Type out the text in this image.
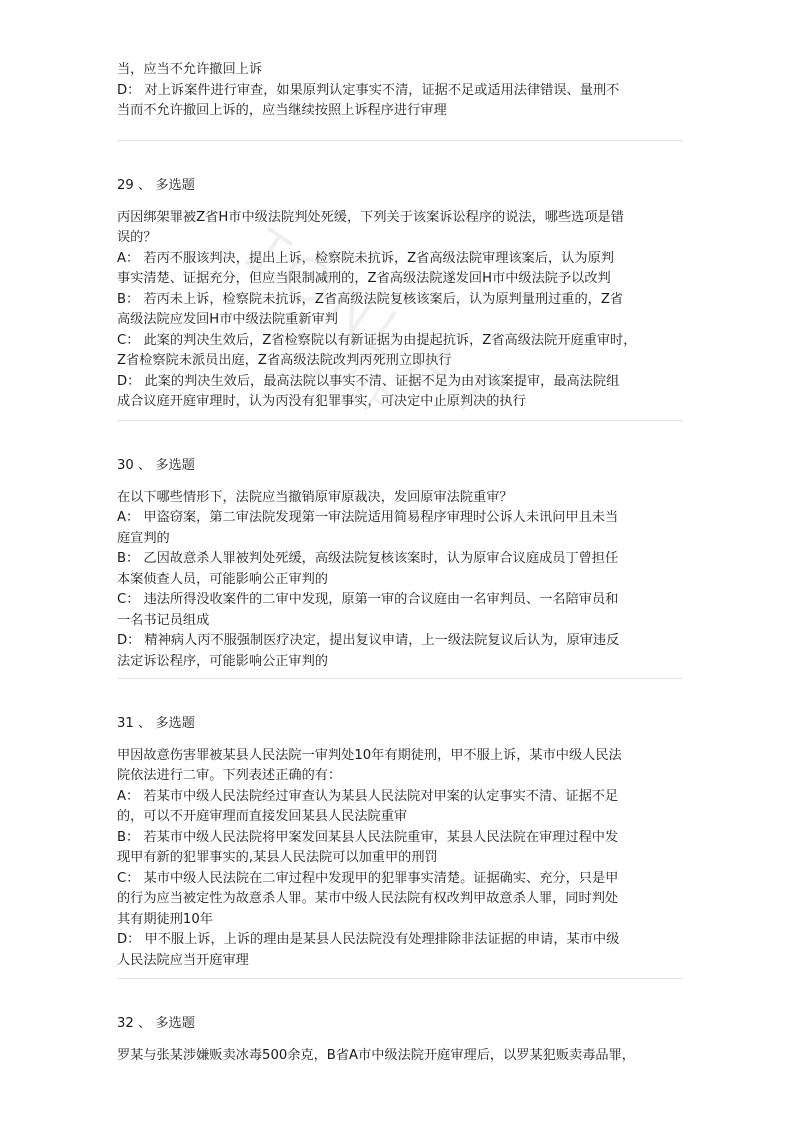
当，应当不允许撤回上诉
D： 对上诉案件进行审查，如果原判认定事实不清，证据不足或适用法律错误、量刑不
当而不允许撤回上诉的，应当继续按照上诉程序进行审理
29 、 多选题
丙因绑架罪被Z省H市中级法院判处死缓，下列关于该案诉讼程序的说法，哪些选项是错
误的？
A： 若丙不服该判决，提出上诉，检察院未抗诉，Z省高级法院审理该案后，认为原判
事实清楚、证据充分，但应当限制减刑的，Z省高级法院遂发回H市中级法院予以改判
B： 若丙未上诉，检察院未抗诉，Z省高级法院复核该案后，认为原判量刑过重的，Z省
高级法院应发回H市中级法院重新审判
C： 此案的判决生效后，Z省检察院以有新证据为由提起抗诉，Z省高级法院开庭重审时，
Z省检察院未派员出庭，Z省高级法院改判丙死刑立即执行
D： 此案的判决生效后，最高法院以事实不清、证据不足为由对该案提审，最高法院组
成合议庭开庭审理时，认为丙没有犯罪事实，可决定中止原判决的执行
30 、 多选题
在以下哪些情形下，法院应当撤销原审原裁决，发回原审法院重审？
A： 甲盗窃案，第二审法院发现第一审法院适用简易程序审理时公诉人未讯问甲且未当
庭宣判的
B： 乙因故意杀人罪被判处死缓，高级法院复核该案时，认为原审合议庭成员丁曾担任
本案侦查人员，可能影响公正审判的
C： 违法所得没收案件的二审中发现，原第一审的合议庭由一名审判员、一名陪审员和
一名书记员组成
D： 精神病人丙不服强制医疗决定，提出复议申请，上一级法院复议后认为，原审违反
法定诉讼程序，可能影响公正审判的
31 、 多选题
甲因故意伤害罪被某县人民法院一审判处10年有期徒刑，甲不服上诉，某市中级人民法
院依法进行二审。下列表述正确的有：
A： 若某市中级人民法院经过审查认为某县人民法院对甲案的认定事实不清、证据不足
的，可以不开庭审理而直接发回某县人民法院重审
B： 若某市中级人民法院将甲案发回某县人民法院重审，某县人民法院在审理过程中发
现甲有新的犯罪事实的,某县人民法院可以加重甲的刑罚
C： 某市中级人民法院在二审过程中发现甲的犯罪事实清楚。证据确实、充分，只是甲
的行为应当被定性为故意杀人罪。某市中级人民法院有权改判甲故意杀人罪，同时判处
其有期徒刑10年
D： 甲不服上诉，上诉的理由是某县人民法院没有处理排除非法证据的申请，某市中级
人民法院应当开庭审理
32 、 多选题
罗某与张某涉嫌贩卖冰毒500余克，B省A市中级法院开庭审理后，以罗某犯贩卖毒品罪，
